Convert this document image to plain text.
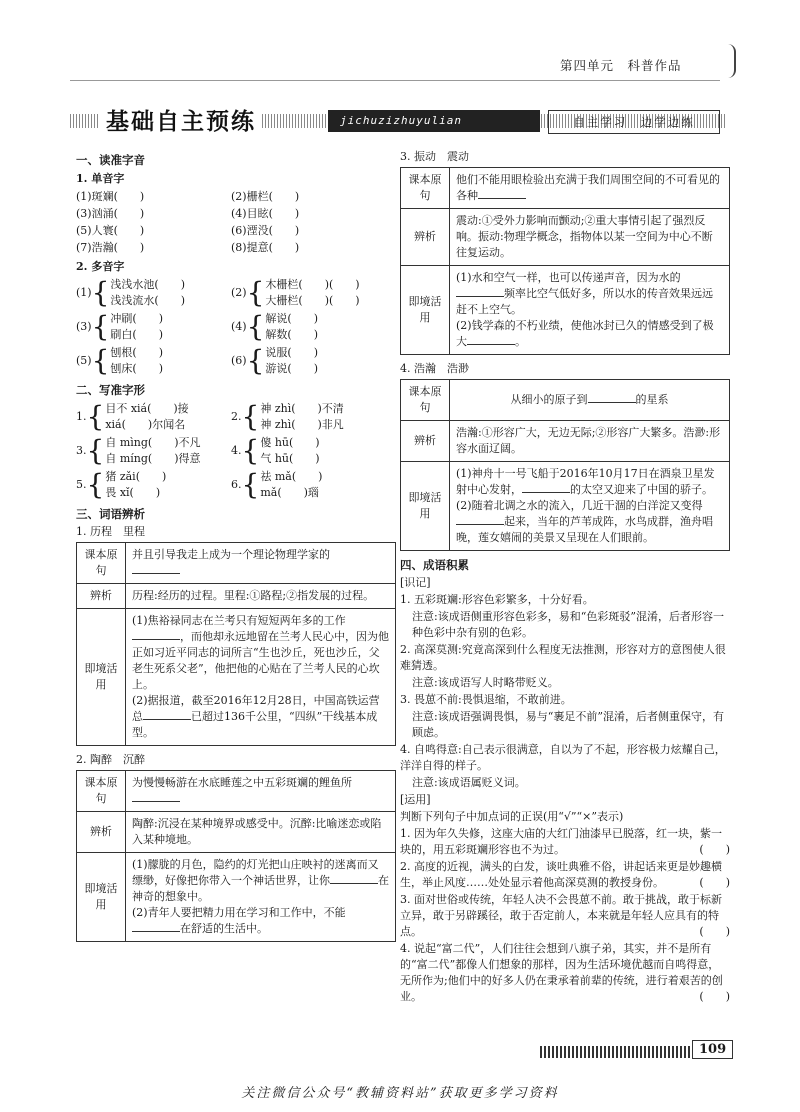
第四单元　科普作品
基础自主预练	jichuzizhuyulian	自主学习　边学边练
一、读准字音
1. 单音字
(1)斑斓(　　)	(2)栅栏(　　)
(3)汹涌(　　)	(4)目眩(　　)
(5)人寰(　　)	(6)湮没(　　)
(7)浩瀚(　　)	(8)提意(　　)
2. 多音字
(1) { 浅浅水池(　　)
浅浅流水(　　)
(2) { 木栅栏(　　)(　　)
大栅栏(　　)(　　)
(3) { 冲刷(　　)
刷白(　　)
(4) { 解说(　　)
解数(　　)
(5) { 刨根(　　)
刨床(　　)
(6) { 说服(　　)
游说(　　)
二、写准字形
1. { 目不 xiá(　　)接
xiá(　　)尔闻名
2. { 神 zhì(　　)不清
神 zhì(　　)非凡
3. { 自 mìng(　　)不凡
自 míng(　　)得意
4. { 傻 hū(　　)
气 hū(　　)
5. { 猪 zǎi(　　)
畏 xǐ(　　)
6. { 祛 mǎ(　　)
mǎ(　　)瑙
三、词语辨析
1. 历程　里程
课本原句	并且引导我走上成为一个理论物理学家的

辨析	历程:经历的过程。里程:①路程;②指发展的过程。
即境活用	(1)焦裕禄同志在兰考只有短短两年多的工作，而他却永远地留在兰考人民心中，因为他正如习近平同志的词所言“生也沙丘，死也沙丘，父老生死系父老”，他把他的心贴在了兰考人民的心坎上。
(2)据报道，截至2016年12月28日，中国高铁运营总 已超过136千公里，“四纵”干线基本成型。
2. 陶醉　沉醉
课本原句	为慢慢畅游在水底睡莲之中五彩斑斓的鲤鱼所

辨析	陶醉:沉浸在某种境界或感受中。沉醉:比喻迷恋或陷入某种境地。
即境活用	(1)朦胧的月色，隐约的灯光把山庄映衬的迷离而又缥缈，好像把你带入一个神话世界，让你 在神奇的想象中。
(2)青年人要把精力用在学习和工作中，不能在舒适的生活中。
3. 振动　震动
课本原句	他们不能用眼检验出充满于我们周围空间的不可看见的各种
辨析	震动:①受外力影响而颤动;②重大事情引起了强烈反响。振动:物理学概念，指物体以某一空间为中心不断往复运动。
即境活用	(1)水和空气一样，也可以传递声音，因为水的频率比空气低好多，所以水的传音效果远远赶不上空气。
(2)钱学森的不朽业绩，使他冰封已久的情感受到了极大 。
4. 浩瀚　浩渺
课本原句	从细小的原子到 的星系
辨析	浩瀚:①形容广大，无边无际;②形容广大繁多。浩渺:形容水面辽阔。
即境活用	(1)神舟十一号飞船于2016年10月17日在酒泉卫星发射中心发射， 的太空又迎来了中国的骄子。
(2)随着北调之水的流入，几近干涸的白洋淀又变得起来，当年的芦苇成阵，水鸟成群，渔舟唱晚，莲女嬉闹的美景又呈现在人们眼前。
四、成语积累
[识记]
1. 五彩斑斓:形容色彩繁多，十分好看。
注意:该成语侧重形容色彩多，易和“色彩斑驳”混淆，后者形容一种色彩中杂有别的色彩。
2. 高深莫测:究竟高深到什么程度无法推测，形容对方的意图使人很难猜透。
注意:该成语写人时略带贬义。
3. 畏葸不前:畏惧退缩，不敢前进。
注意:该成语强调畏惧，易与“裹足不前”混淆，后者侧重保守，有顾虑。
4. 自鸣得意:自己表示很满意，自以为了不起，形容极力炫耀自己，洋洋自得的样子。
注意:该成语属贬义词。
[运用]
判断下列句子中加点词的正误(用“√”“×”表示)
1. 因为年久失修，这座大庙的大红门油漆早已脱落，红一块，紫一块的，用五彩斑斓形容也不为过。	(　　)
2. 高度的近视，满头的白发，谈吐典雅不俗，讲起话来更是妙趣横生，举止风度……处处显示着他高深莫测的教授身份。	(　　)
3. 面对世俗或传统，年轻人决不会畏葸不前。敢于挑战，敢于标新立异，敢于另辟蹊径，敢于否定前人，本来就是年轻人应具有的特点。	(　　)
4. 说起“富二代”，人们往往会想到八旗子弟，其实，并不是所有的“富二代”都像人们想象的那样，因为生活环境优越而自鸣得意，无所作为;他们中的好多人仍在秉承着前辈的传统，进行着艰苦的创业。	(　　)
109
关注微信公众号“教辅资料站”获取更多学习资料
